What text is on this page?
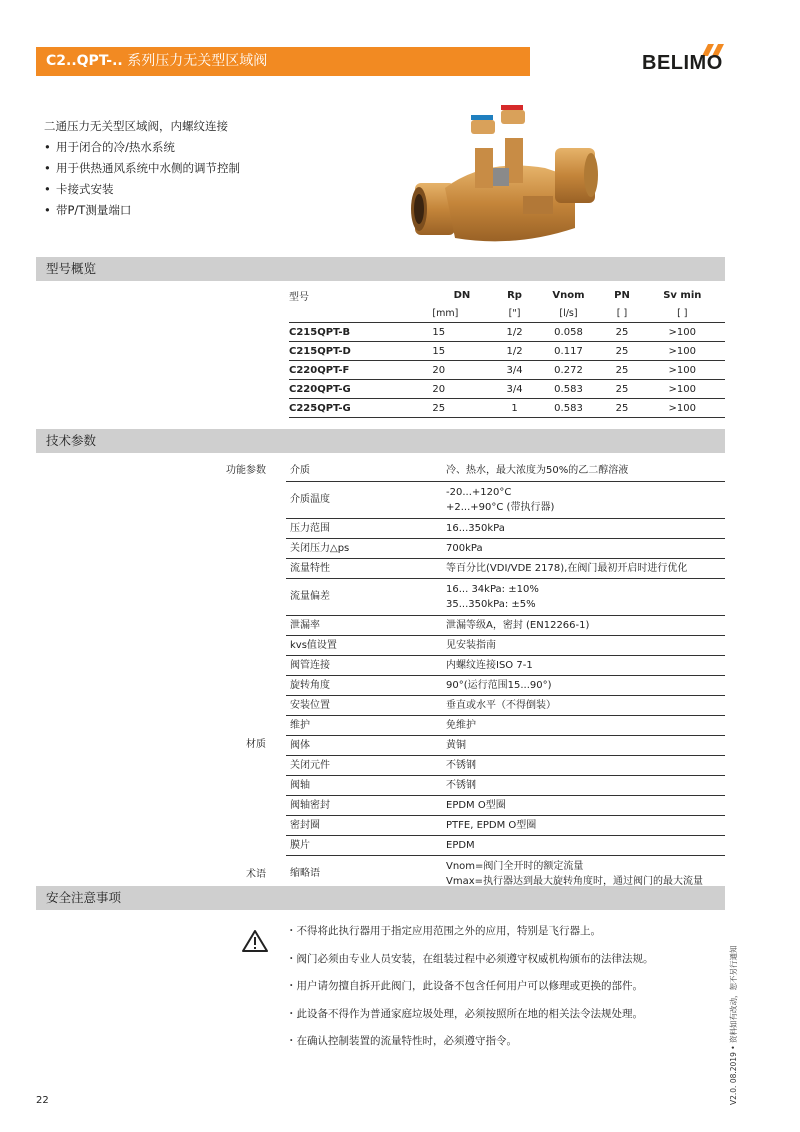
C2..QPT-.. 系列压力无关型区域阀	BELIMO
二通压力无关型区域阀，内螺纹连接
• 用于闭合的冷/热水系统
• 用于供热通风系统中水侧的调节控制
• 卡接式安装
• 带P/T测量端口
型号概览
型号	DN	Rp	Vnom	PN	Sv min
	[mm]	["]	[l/s]	[ ]	[ ]
C215QPT-B	15	1/2	0.058	25	>100
C215QPT-D	15	1/2	0.117	25	>100
C220QPT-F	20	3/4	0.272	25	>100
C220QPT-G	20	3/4	0.583	25	>100
C225QPT-G	25	1	0.583	25	>100
技术参数
功能参数	介质	冷、热水，最大浓度为50%的乙二醇溶液
	介质温度	-20...+120°C
+2...+90°C (带执行器)

	压力范围	16...350kPa
	关闭压力△ps	700kPa
	流量特性	等百分比(VDI/VDE 2178),在阀门最初开启时进行优化
	流量偏差	16... 34kPa: ±10%
35...350kPa: ±5%

	泄漏率	泄漏等级A，密封 (EN12266-1)
	kvs值设置	见安装指南
	阀管连接	内螺纹连接ISO 7-1
	旋转角度	90°(运行范围15...90°)
	安装位置	垂直或水平（不得倒装）
	维护	免维护
材质	阀体	黄铜
	关闭元件	不锈钢
	阀轴	不锈钢
	阀轴密封	EPDM O型圈
	密封圈	PTFE, EPDM O型圈
	膜片	EPDM
术语	缩略语	Vnom=阀门全开时的额定流量
Vmax=执行器达到最大旋转角度时，通过阀门的最大流量
安全注意事项
・不得将此执行器用于指定应用范围之外的应用，特别是飞行器上。
・阀门必须由专业人员安装，在组装过程中必须遵守权威机构颁布的法律法规。
・用户请勿擅自拆开此阀门，此设备不包含任何用户可以修理或更换的部件。
・此设备不得作为普通家庭垃圾处理，必须按照所在地的相关法令法规处理。
・在确认控制装置的流量特性时，必须遵守指令。
22	V2.0. 08.2019 • 资料如有改动，恕不另行通知
